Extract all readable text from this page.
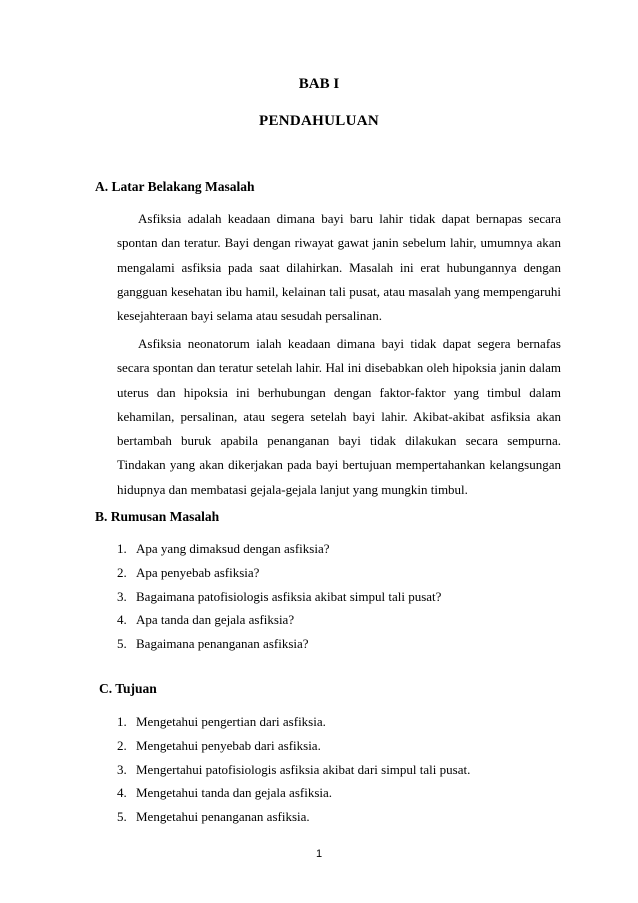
BAB I
PENDAHULUAN
A. Latar Belakang Masalah

Asfiksia adalah keadaan dimana bayi baru lahir tidak dapat bernapas secara spontan dan teratur. Bayi dengan riwayat gawat janin sebelum lahir, umumnya akan mengalami asfiksia pada saat dilahirkan. Masalah ini erat hubungannya dengan gangguan kesehatan ibu hamil, kelainan tali pusat, atau masalah yang mempengaruhi kesejahteraan bayi selama atau sesudah persalinan.

Asfiksia neonatorum ialah keadaan dimana bayi tidak dapat segera bernafas secara spontan dan teratur setelah lahir. Hal ini disebabkan oleh hipoksia janin dalam uterus dan hipoksia ini berhubungan dengan faktor-faktor yang timbul dalam kehamilan, persalinan, atau segera setelah bayi lahir. Akibat-akibat asfiksia akan bertambah buruk apabila penanganan bayi tidak dilakukan secara sempurna. Tindakan yang akan dikerjakan pada bayi bertujuan mempertahankan kelangsungan hidupnya dan membatasi gejala-gejala lanjut yang mungkin timbul.

B. Rumusan Masalah
1. Apa yang dimaksud dengan asfiksia?
2. Apa penyebab asfiksia?
3. Bagaimana patofisiologis asfiksia akibat simpul tali pusat?
4. Apa tanda dan gejala asfiksia?
5. Bagaimana penanganan asfiksia?
C. Tujuan
1. Mengetahui pengertian dari asfiksia.
2. Mengetahui penyebab dari asfiksia.
3. Mengertahui patofisiologis asfiksia akibat dari simpul tali pusat.
4. Mengetahui tanda dan gejala asfiksia.
5. Mengetahui penanganan asfiksia.
1
